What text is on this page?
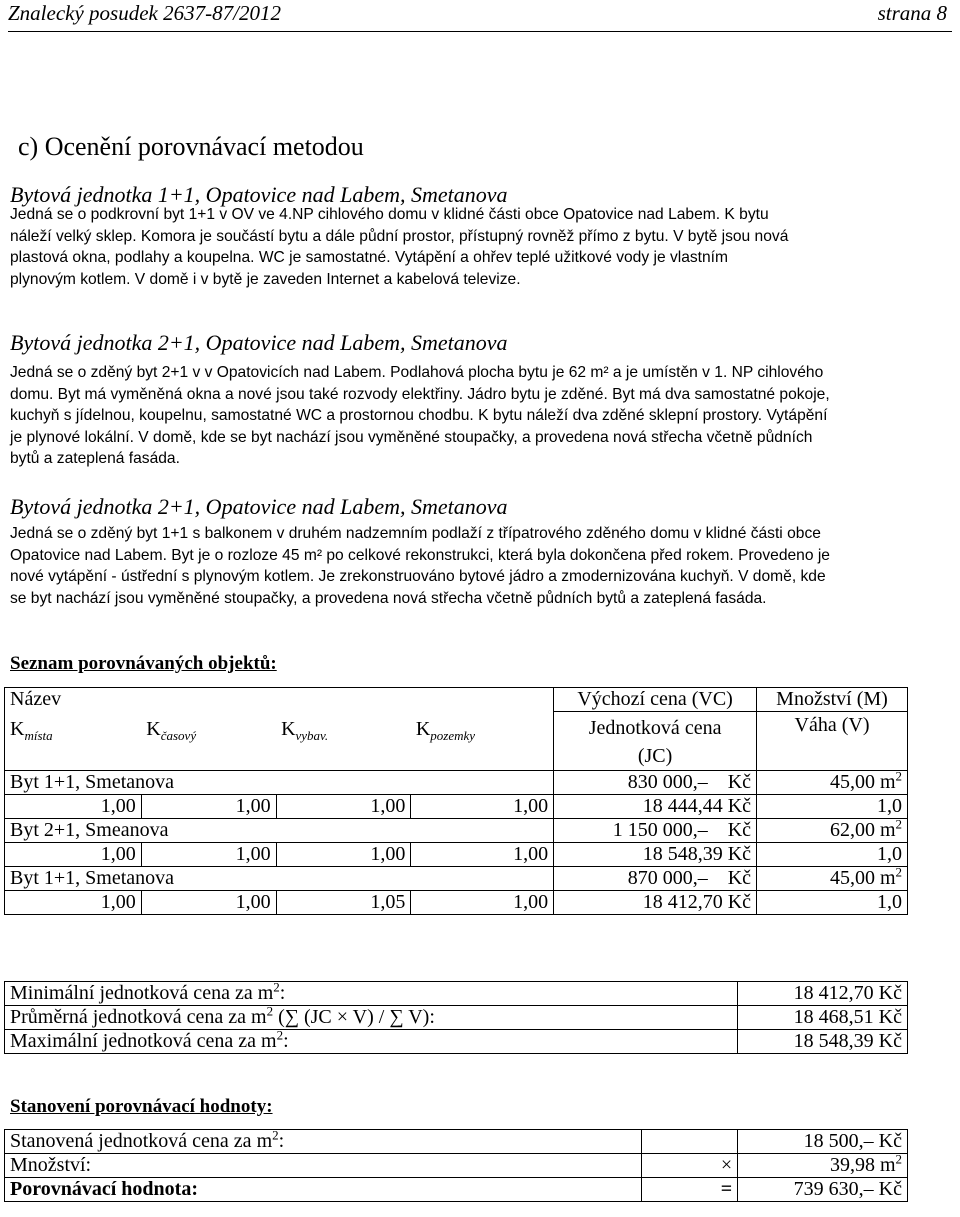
Znalecký posudek 2637-87/2012	strana 8
c) Ocenění porovnávací metodou
Bytová jednotka 1+1, Opatovice nad Labem, Smetanova
Jedná se o podkrovní byt 1+1 v OV ve 4.NP cihlového domu v klidné části obce Opatovice nad Labem. K bytu
náleží velký sklep. Komora je součástí bytu a dále půdní prostor, přístupný rovněž přímo z bytu. V bytě jsou nová
plastová okna, podlahy a koupelna. WC je samostatné. Vytápění a ohřev teplé užitkové vody je vlastním
plynovým kotlem. V domě i v bytě je zaveden Internet a kabelová televize.
Bytová jednotka 2+1, Opatovice nad Labem, Smetanova
Jedná se o zděný byt 2+1 v v Opatovicích nad Labem. Podlahová plocha bytu je 62 m² a je umístěn v 1. NP cihlového
domu. Byt má vyměněná okna a nové jsou také rozvody elektřiny. Jádro bytu je zděné. Byt má dva samostatné pokoje,
kuchyň s jídelnou, koupelnu, samostatné WC a prostornou chodbu. K bytu náleží dva zděné sklepní prostory. Vytápění
je plynové lokální. V domě, kde se byt nachází jsou vyměněné stoupačky, a provedena nová střecha včetně půdních
bytů a zateplená fasáda.
Bytová jednotka 2+1, Opatovice nad Labem, Smetanova
Jedná se o zděný byt 1+1 s balkonem v druhém nadzemním podlaží z třípatrového zděného domu v klidné části obce
Opatovice nad Labem. Byt je o rozloze 45 m² po celkové rekonstrukci, která byla dokončena před rokem. Provedeno je
nové vytápění - ústřední s plynovým kotlem. Je zrekonstruováno bytové jádro a zmodernizována kuchyň. V domě, kde
se byt nachází jsou vyměněné stoupačky, a provedena nová střecha včetně půdních bytů a zateplená fasáda.
Seznam porovnávaných objektů:
Název				Výchozí cena (VC)	Množství (M)
$K_{místa}$	$K_{časový}$	$K_{vybav.}$	$K_{pozemky}$	Jednotková cena
(JC)	Váha (V)
Byt 1+1, Smetanova				830 000,– Kč	45,00 $m^2$
1,00	1,00	1,00	1,00	18 444,44 Kč	1,0
Byt 2+1, Smeanova				1 150 000,– Kč	62,00 $m^2$
1,00	1,00	1,00	1,00	18 548,39 Kč	1,0
Byt 1+1, Smetanova				870 000,– Kč	45,00 $m^2$
1,00	1,00	1,05	1,00	18 412,70 Kč	1,0
Minimální jednotková cena za $m^2$:	18 412,70 Kč
Průměrná jednotková cena za $m^2$ (∑ (JC × V) / ∑ V):	18 468,51 Kč
Maximální jednotková cena za $m^2$:	18 548,39 Kč
Stanovení porovnávací hodnoty:
Stanovená jednotková cena za $m^2$:		18 500,– Kč
Množství:	×	39,98 $m^2$
Porovnávací hodnota:	=	739 630,– Kč
